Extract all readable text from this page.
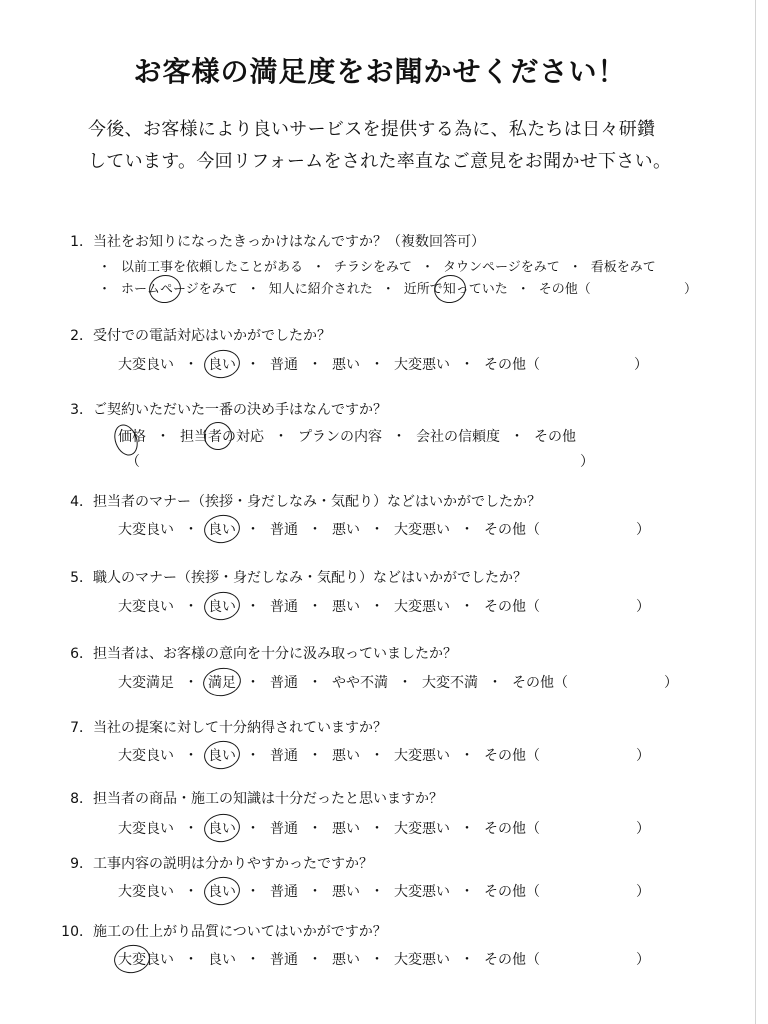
お客様の満足度をお聞かせください！

今後、お客様により良いサービスを提供する為に、私たちは日々研鑽

しています。今回リフォームをされた率直なご意見をお聞かせ下さい。

1．当社をお知りになったきっかけはなんですか？（複数回答可）
・ 以前工事を依頼したことがある ・ チラシをみて ・ タウンページをみて ・ 看板をみて
・ ホームページをみて ・ 知人に紹介された ・ 近所で知っていた ・ その他（	）
2．受付での電話対応はいかがでしたか？
大変良い ・ 良い ・ 普通 ・ 悪い ・ 大変悪い ・ その他（	）
3．ご契約いただいた一番の決め手はなんですか？
価格 ・ 担当者の対応 ・ プランの内容 ・ 会社の信頼度 ・ その他
（	）
4．担当者のマナー（挨拶・身だしなみ・気配り）などはいかがでしたか？
大変良い ・ 良い ・ 普通 ・ 悪い ・ 大変悪い ・ その他（	）
5．職人のマナー（挨拶・身だしなみ・気配り）などはいかがでしたか？
大変良い ・ 良い ・ 普通 ・ 悪い ・ 大変悪い ・ その他（	）
6．担当者は、お客様の意向を十分に汲み取っていましたか？
大変満足 ・ 満足 ・ 普通 ・ やや不満 ・ 大変不満 ・ その他（	）
7．当社の提案に対して十分納得されていますか？
大変良い ・ 良い ・ 普通 ・ 悪い ・ 大変悪い ・ その他（	）
8．担当者の商品・施工の知識は十分だったと思いますか？
大変良い ・ 良い ・ 普通 ・ 悪い ・ 大変悪い ・ その他（	）
9．工事内容の説明は分かりやすかったですか？
大変良い ・ 良い ・ 普通 ・ 悪い ・ 大変悪い ・ その他（	）
10．施工の仕上がり品質についてはいかがですか？
大変良い ・ 良い ・ 普通 ・ 悪い ・ 大変悪い ・ その他（	）
